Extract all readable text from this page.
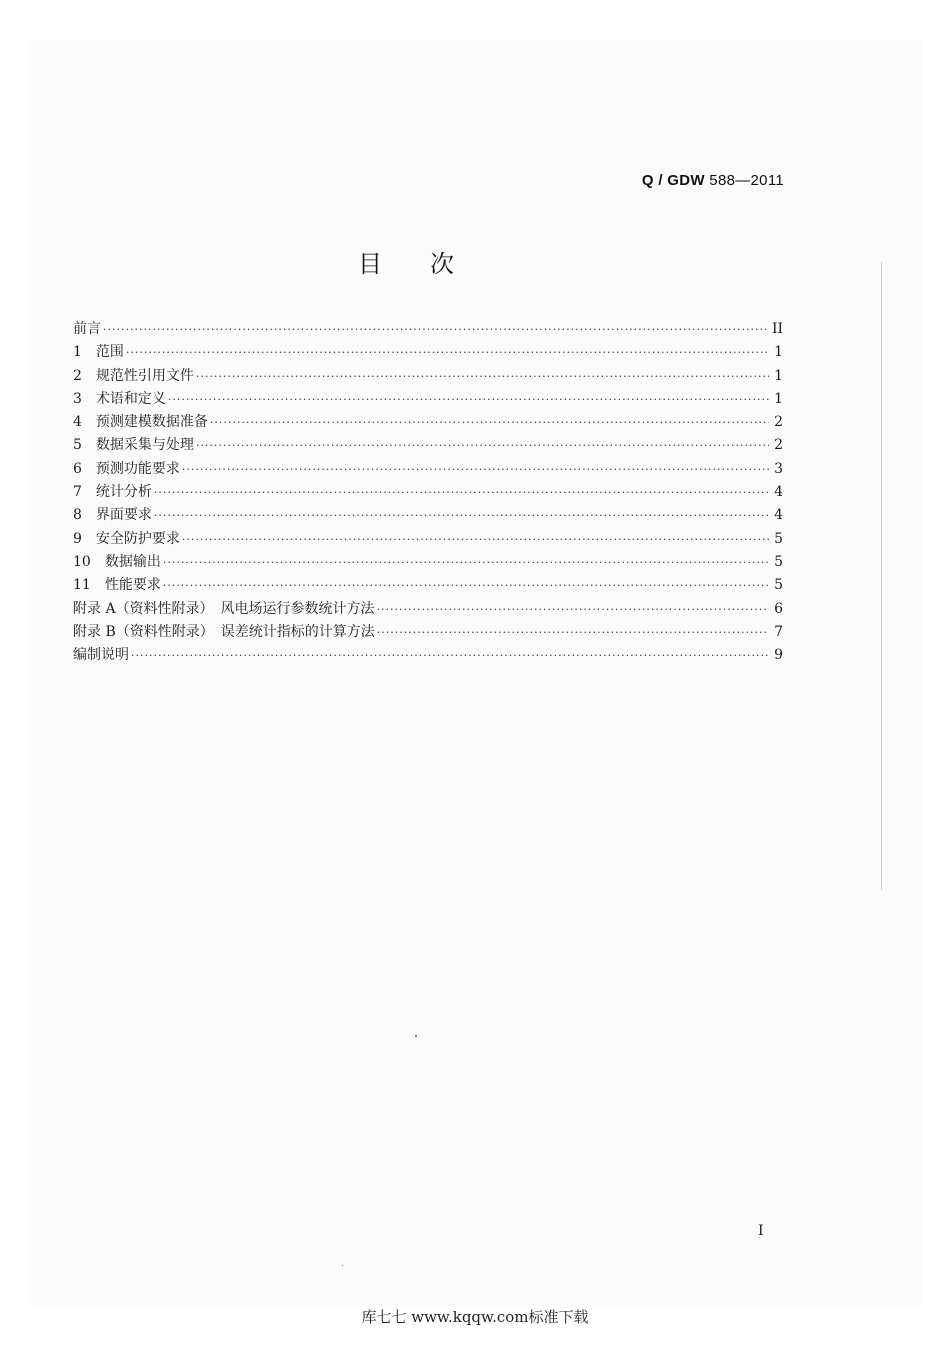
Q / GDW 588—2011
目次
前言 ·····	II
1　范围 ·····	1
2　规范性引用文件 ·····	1
3　术语和定义 ·····	1
4　预测建模数据准备 ·····	2
5　数据采集与处理 ·····	2
6　预测功能要求 ·····	3
7　统计分析 ·····	4
8　界面要求 ·····	4
9　安全防护要求 ·····	5
10　数据输出 ·····	5
11　性能要求 ·····	5
附录 A（资料性附录）　风电场运行参数统计方法 ·····	6
附录 B（资料性附录）　误差统计指标的计算方法 ·····	7
编制说明 ·····	9
I
库七七 www.kqqw.com标准下载
